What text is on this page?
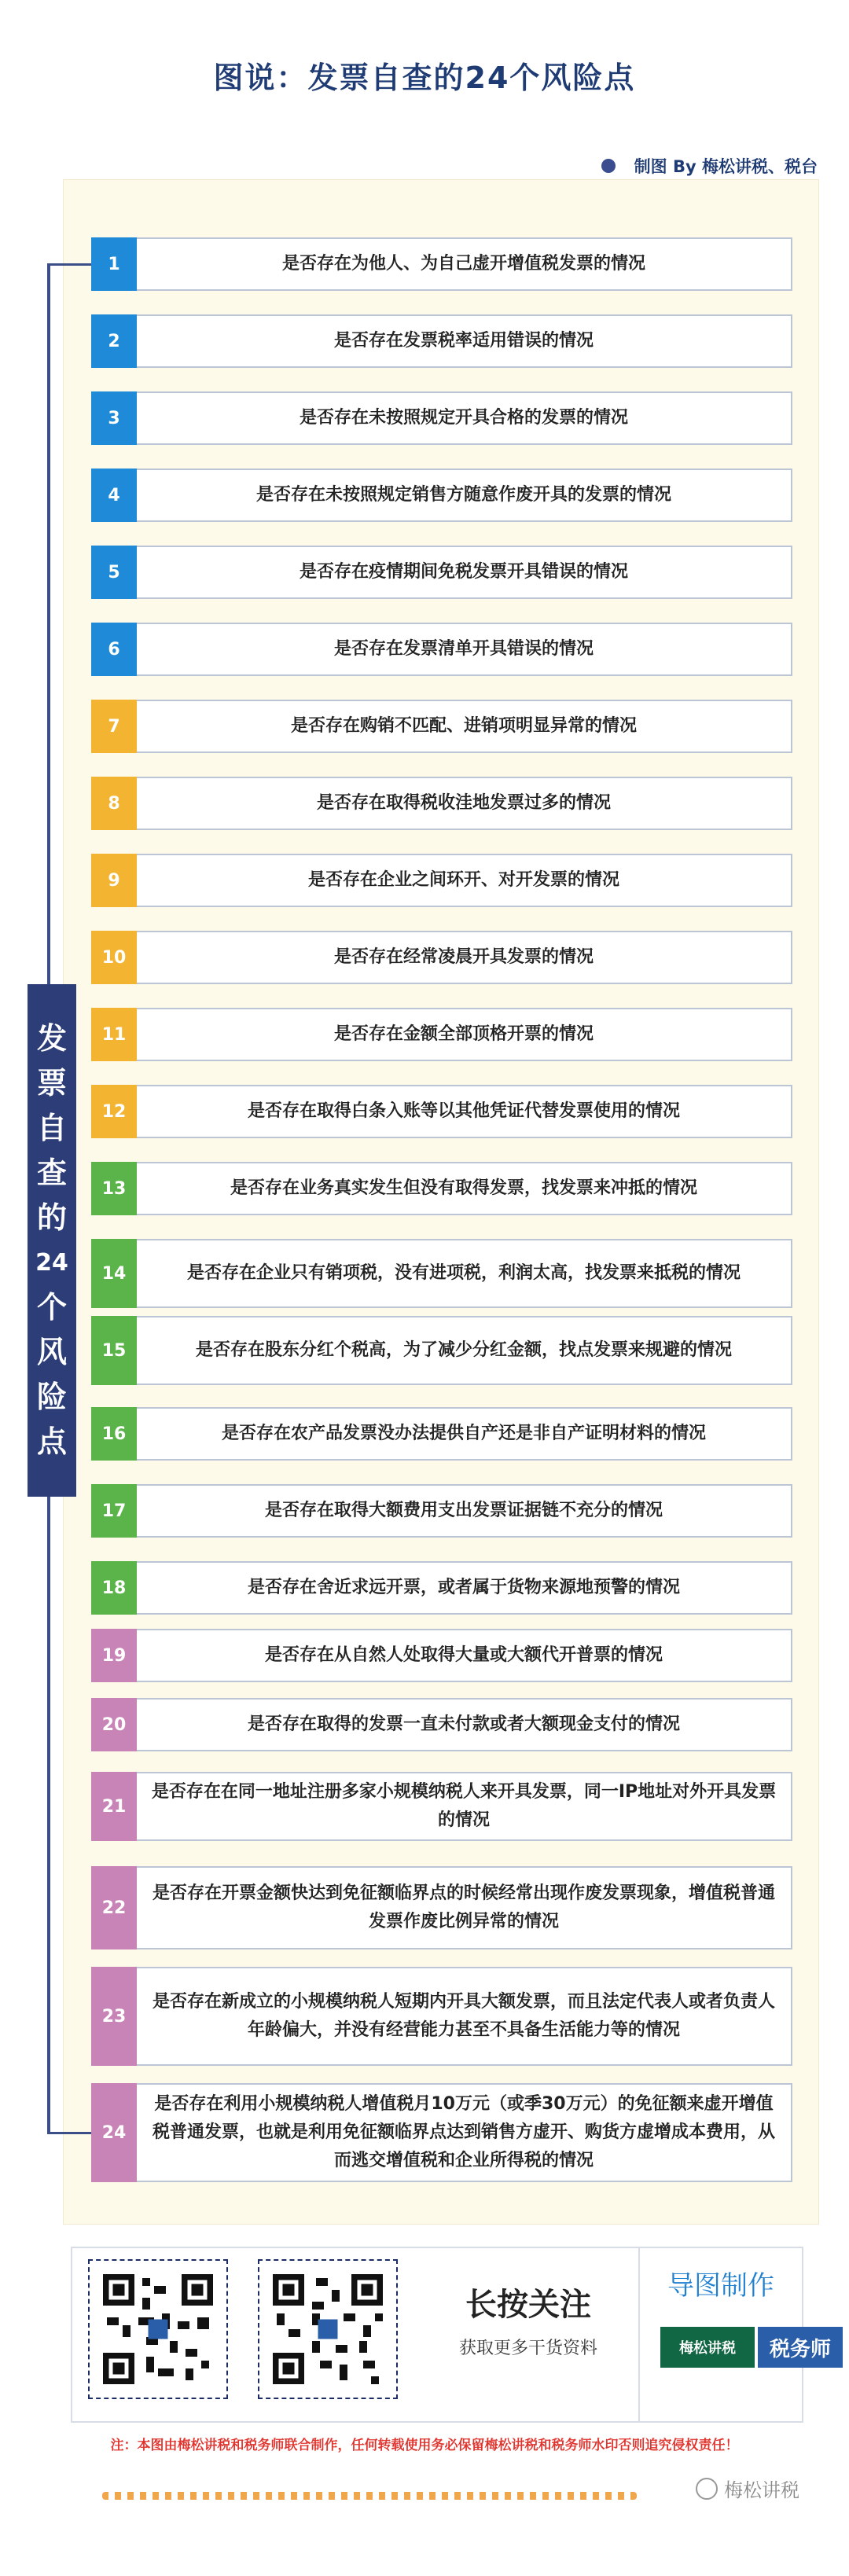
图说：发票自查的24个风险点
制图 By 梅松讲税、税台
发
票
自
查
的
24
个
风
险
点
1	是否存在为他人、为自己虚开增值税发票的情况
2	是否存在发票税率适用错误的情况
3	是否存在未按照规定开具合格的发票的情况
4	是否存在未按照规定销售方随意作废开具的发票的情况
5	是否存在疫情期间免税发票开具错误的情况
6	是否存在发票清单开具错误的情况
7	是否存在购销不匹配、进销项明显异常的情况
8	是否存在取得税收洼地发票过多的情况
9	是否存在企业之间环开、对开发票的情况
10	是否存在经常凌晨开具发票的情况
11	是否存在金额全部顶格开票的情况
12	是否存在取得白条入账等以其他凭证代替发票使用的情况
13	是否存在业务真实发生但没有取得发票，找发票来冲抵的情况
14	是否存在企业只有销项税，没有进项税，利润太高，找发票来抵税的情况
15	是否存在股东分红个税高，为了减少分红金额，找点发票来规避的情况
16	是否存在农产品发票没办法提供自产还是非自产证明材料的情况
17	是否存在取得大额费用支出发票证据链不充分的情况
18	是否存在舍近求远开票，或者属于货物来源地预警的情况
19	是否存在从自然人处取得大量或大额代开普票的情况
20	是否存在取得的发票一直未付款或者大额现金支付的情况
21
是否存在在同一地址注册多家小规模纳税人来开具发票，同一IP地址对外开具发票的情况
22
是否存在开票金额快达到免征额临界点的时候经常出现作废发票现象，增值税普通发票作废比例异常的情况
23
是否存在新成立的小规模纳税人短期内开具大额发票，而且法定代表人或者负责人年龄偏大，并没有经营能力甚至不具备生活能力等的情况
24
是否存在利用小规模纳税人增值税月10万元（或季30万元）的免征额来虚开增值税普通发票，也就是利用免征额临界点达到销售方虚开、购货方虚增成本费用，从而逃交增值税和企业所得税的情况
长按关注
获取更多干货资料
导图制作
梅松讲税	税务师
注：本图由梅松讲税和税务师联合制作，任何转载使用务必保留梅松讲税和税务师水印否则追究侵权责任！
梅松讲税
